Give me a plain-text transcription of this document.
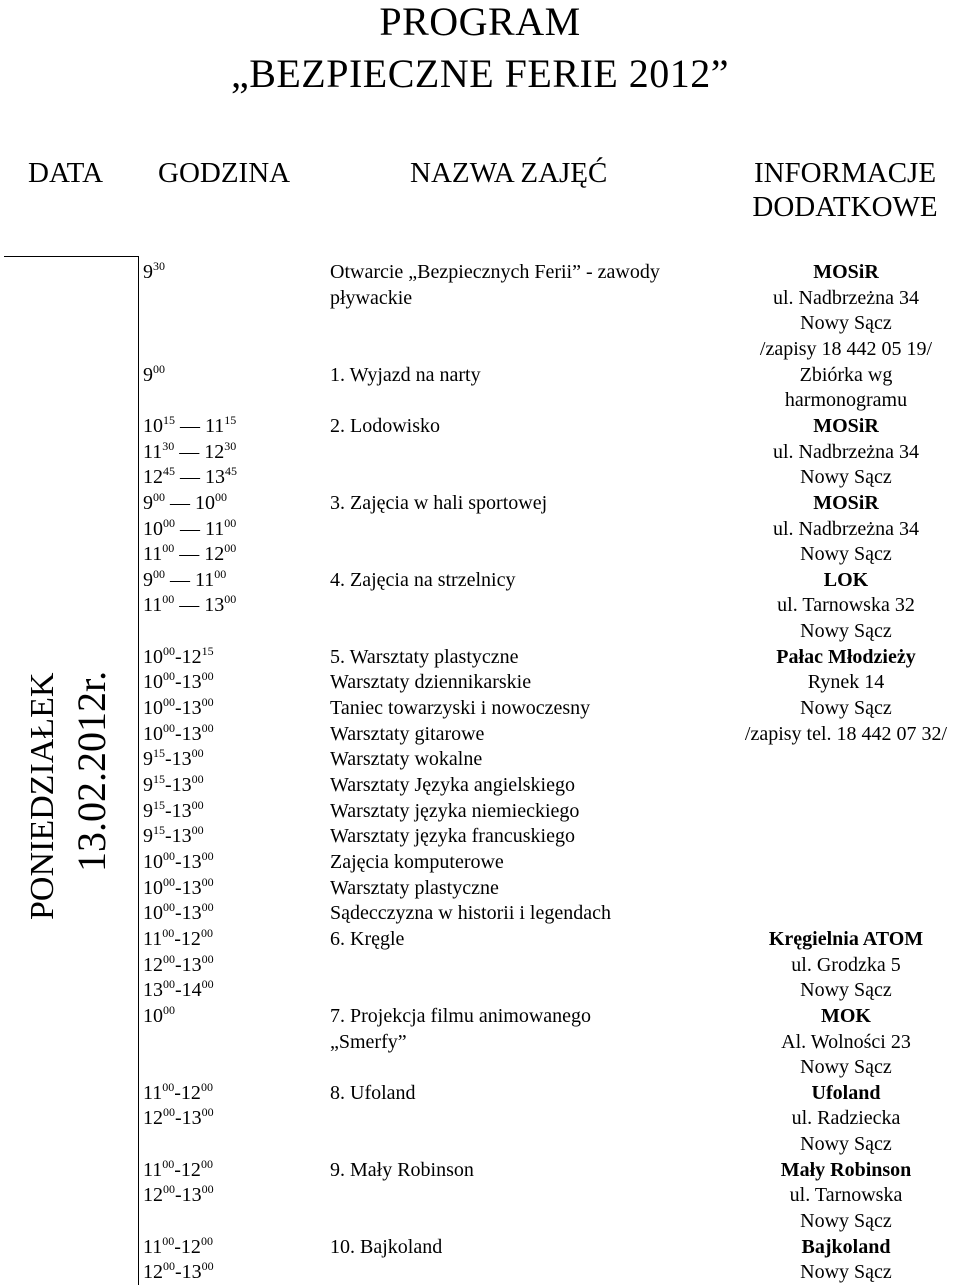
PROGRAM
„BEZPIECZNE FERIE 2012”
DATA GODZINA	NAZWA ZAJĘĆ	INFORMACJE
DODATKOWE
PONIEDZIAŁEK 13.02.2012r.
$9^{30}$
$9^{00}$
$10^{15}$ — $11^{15}$
$11^{30}$ — $12^{30}$
$12^{45}$ — $13^{45}$
$9^{00}$ — $10^{00}$
$10^{00}$ — $11^{00}$
$11^{00}$ — $12^{00}$
$9^{00}$ — $11^{00}$
$11^{00}$ — $13^{00}$
$10^{00}-12^{15}$
$10^{00}-13^{00}$
$10^{00}-13^{00}$
$10^{00}-13^{00}$
$9^{15}-13^{00}$
$9^{15}-13^{00}$
$9^{15}-13^{00}$
$9^{15}-13^{00}$
$10^{00}-13^{00}$
$10^{00}-13^{00}$
$10^{00}-13^{00}$
$11^{00}-12^{00}$
$12^{00}-13^{00}$
$13^{00}-14^{00}$
$10^{00}$
$11^{00}-12^{00}$
$12^{00}-13^{00}$
$11^{00}-12^{00}$
$12^{00}-13^{00}$
$11^{00}-12^{00}$
$12^{00}-13^{00}$
Otwarcie „Bezpiecznych Ferii” - zawody
pływackie
1. Wyjazd na narty
2. Lodowisko
3. Zajęcia w hali sportowej
4. Zajęcia na strzelnicy
5. Warsztaty plastyczne
Warsztaty dziennikarskie
Taniec towarzyski i nowoczesny
Warsztaty gitarowe
Warsztaty wokalne
Warsztaty Języka angielskiego
Warsztaty języka niemieckiego
Warsztaty języka francuskiego
Zajęcia komputerowe
Warsztaty plastyczne
Sądecczyzna w historii i legendach
6. Kręgle
7. Projekcja filmu animowanego
„Smerfy”
8. Ufoland
9. Mały Robinson
10. Bajkoland
MOSiR
ul. Nadbrzeżna 34
Nowy Sącz
/zapisy 18 442 05 19/
Zbiórka wg
harmonogramu
MOSiR
ul. Nadbrzeżna 34
Nowy Sącz
MOSiR
ul. Nadbrzeżna 34
Nowy Sącz
LOK
ul. Tarnowska 32
Nowy Sącz
Pałac Młodzieży
Rynek 14
Nowy Sącz
/zapisy tel. 18 442 07 32/
Kręgielnia ATOM
ul. Grodzka 5
Nowy Sącz
MOK
Al. Wolności 23
Nowy Sącz
Ufoland
ul. Radziecka
Nowy Sącz
Mały Robinson
ul. Tarnowska
Nowy Sącz
Bajkoland
Nowy Sącz
